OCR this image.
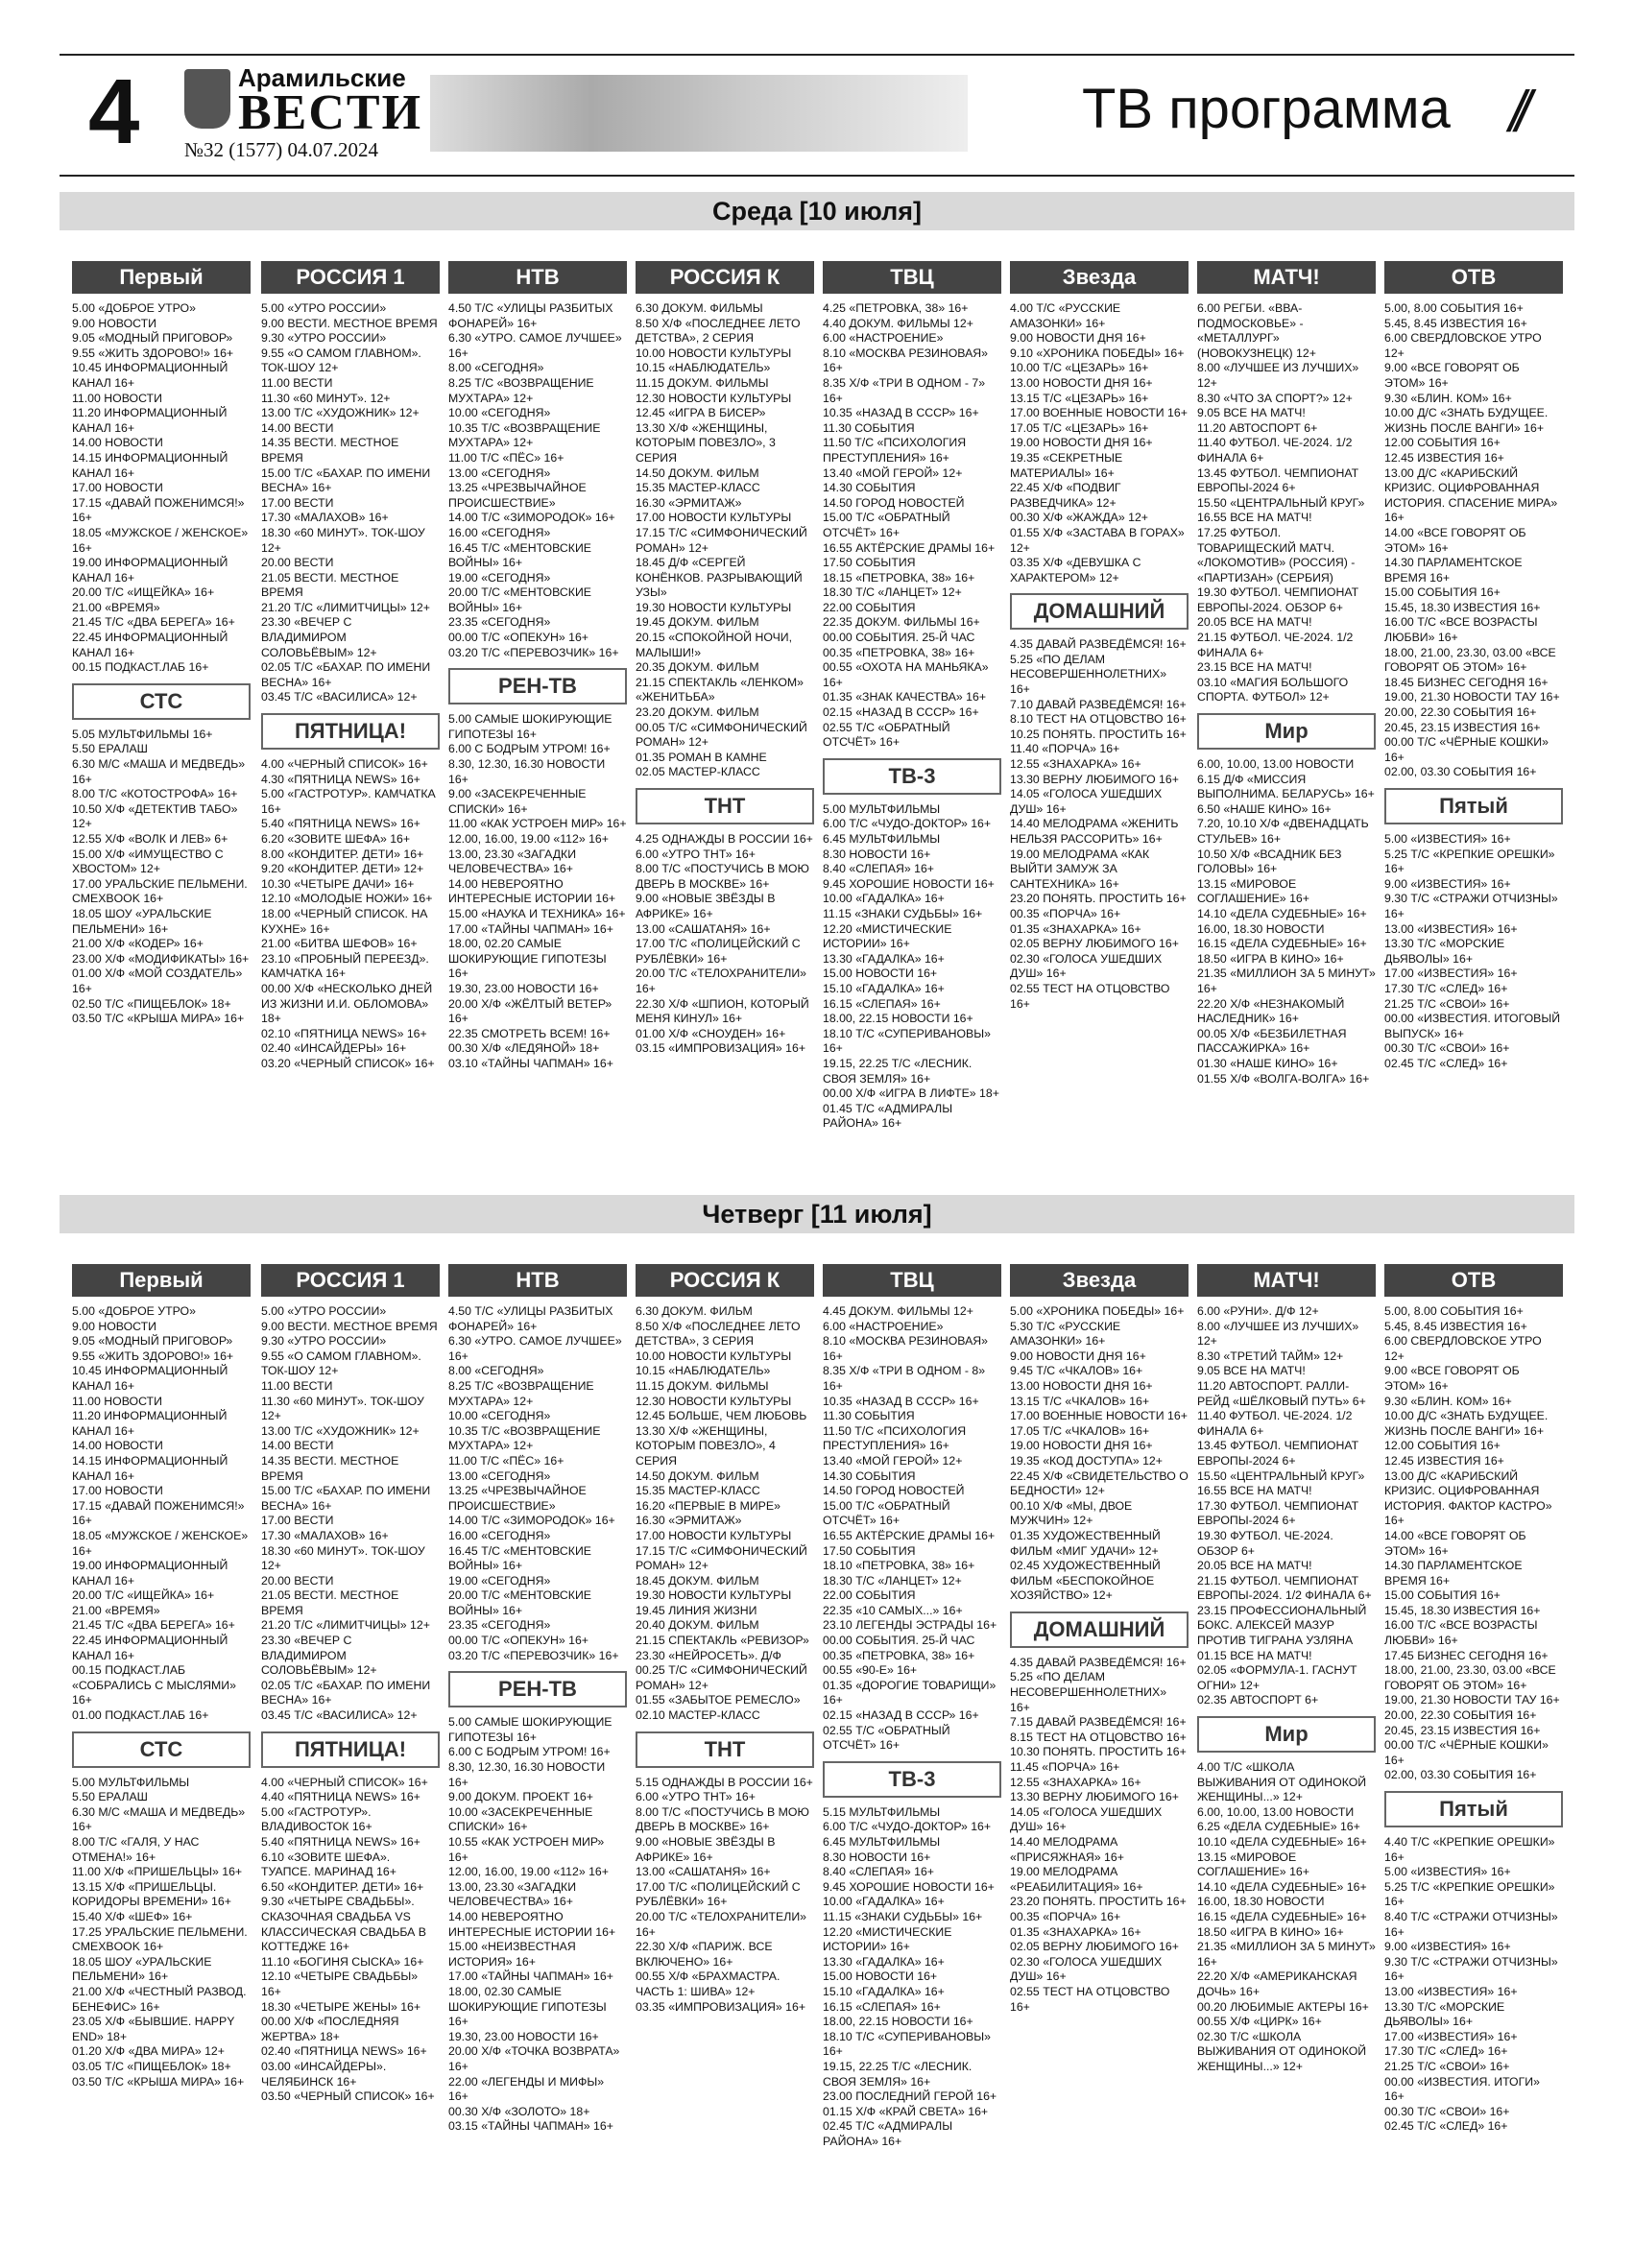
4	Арамильские
ВЕСТИ
№32 (1577) 04.07.2024
ТВ программа //
Среда [10 июля]
Первый
5.00 «ДОБРОЕ УТРО»
9.00 НОВОСТИ
9.05 «МОДНЫЙ ПРИГОВОР»
9.55 «ЖИТЬ ЗДОРОВО!» 16+
10.45 ИНФОРМАЦИОННЫЙ КАНАЛ 16+
11.00 НОВОСТИ
11.20 ИНФОРМАЦИОННЫЙ КАНАЛ 16+
14.00 НОВОСТИ
14.15 ИНФОРМАЦИОННЫЙ КАНАЛ 16+
17.00 НОВОСТИ
17.15 «ДАВАЙ ПОЖЕНИМСЯ!» 16+
18.05 «МУЖСКОЕ / ЖЕНСКОЕ» 16+
19.00 ИНФОРМАЦИОННЫЙ КАНАЛ 16+
20.00 Т/С «ИЩЕЙКА» 16+
21.00 «ВРЕМЯ»
21.45 Т/С «ДВА БЕРЕГА» 16+
22.45 ИНФОРМАЦИОННЫЙ КАНАЛ 16+
00.15 ПОДКАСТ.ЛАБ 16+
СТС
5.05 МУЛЬТФИЛЬМЫ 16+
5.50 ЕРАЛАШ
6.30 М/С «МАША И МЕДВЕДЬ» 16+
8.00 Т/С «КОТОСТРОФА» 16+
10.50 Х/Ф «ДЕТЕКТИВ ТАБО» 12+
12.55 Х/Ф «ВОЛК И ЛЕВ» 6+
15.00 Х/Ф «ИМУЩЕСТВО С ХВОСТОМ» 12+
17.00 УРАЛЬСКИЕ ПЕЛЬМЕНИ. СМЕХBOOK 16+
18.05 ШОУ «УРАЛЬСКИЕ ПЕЛЬМЕНИ» 16+
21.00 Х/Ф «КОДЕР» 16+
23.00 Х/Ф «МОДИФИКАТЫ» 16+
01.00 Х/Ф «МОЙ СОЗДАТЕЛЬ» 16+
02.50 Т/С «ПИЩЕБЛОК» 18+
03.50 Т/С «КРЫША МИРА» 16+
РОССИЯ 1
5.00 «УТРО РОССИИ»
9.00 ВЕСТИ. МЕСТНОЕ ВРЕМЯ
9.30 «УТРО РОССИИ»
9.55 «О САМОМ ГЛАВНОМ». ТОК-ШОУ 12+
11.00 ВЕСТИ
11.30 «60 МИНУТ». 12+
13.00 Т/С «ХУДОЖНИК» 12+
14.00 ВЕСТИ
14.35 ВЕСТИ. МЕСТНОЕ ВРЕМЯ
15.00 Т/С «БАХАР. ПО ИМЕНИ ВЕСНА» 16+
17.00 ВЕСТИ
17.30 «МАЛАХОВ» 16+
18.30 «60 МИНУТ». ТОК-ШОУ 12+
20.00 ВЕСТИ
21.05 ВЕСТИ. МЕСТНОЕ ВРЕМЯ
21.20 Т/С «ЛИМИТЧИЦЫ» 12+
23.30 «ВЕЧЕР С ВЛАДИМИРОМ СОЛОВЬЁВЫМ» 12+
02.05 Т/С «БАХАР. ПО ИМЕНИ ВЕСНА» 16+
03.45 Т/С «ВАСИЛИСА» 12+
ПЯТНИЦА!
4.00 «ЧЕРНЫЙ СПИСОК» 16+
4.30 «ПЯТНИЦА NEWS» 16+
5.00 «ГАСТРОТУР». КАМЧАТКА 16+
5.40 «ПЯТНИЦА NEWS» 16+
6.20 «ЗОВИТЕ ШЕФА» 16+
8.00 «КОНДИТЕР. ДЕТИ» 16+
9.20 «КОНДИТЕР. ДЕТИ» 12+
10.30 «ЧЕТЫРЕ ДАЧИ» 16+
12.10 «МОЛОДЫЕ НОЖИ» 16+
18.00 «ЧЕРНЫЙ СПИСОК. НА КУХНЕ» 16+
21.00 «БИТВА ШЕФОВ» 16+
23.10 «ПРОБНЫЙ ПЕРЕЕЗД». КАМЧАТКА 16+
00.00 Х/Ф «НЕСКОЛЬКО ДНЕЙ ИЗ ЖИЗНИ И.И. ОБЛОМОВА» 18+
02.10 «ПЯТНИЦА NEWS» 16+
02.40 «ИНСАЙДЕРЫ» 16+
03.20 «ЧЕРНЫЙ СПИСОК» 16+
НТВ
4.50 Т/С «УЛИЦЫ РАЗБИТЫХ ФОНАРЕЙ» 16+
6.30 «УТРО. САМОЕ ЛУЧШЕЕ» 16+
8.00 «СЕГОДНЯ»
8.25 Т/С «ВОЗВРАЩЕНИЕ МУХТАРА» 12+
10.00 «СЕГОДНЯ»
10.35 Т/С «ВОЗВРАЩЕНИЕ МУХТАРА» 12+
11.00 Т/С «ПЁС» 16+
13.00 «СЕГОДНЯ»
13.25 «ЧРЕЗВЫЧАЙНОЕ ПРОИСШЕСТВИЕ»
14.00 Т/С «ЗИМОРОДОК» 16+
16.00 «СЕГОДНЯ»
16.45 Т/С «МЕНТОВСКИЕ ВОЙНЫ» 16+
19.00 «СЕГОДНЯ»
20.00 Т/С «МЕНТОВСКИЕ ВОЙНЫ» 16+
23.35 «СЕГОДНЯ»
00.00 Т/С «ОПЕКУН» 16+
03.20 Т/С «ПЕРЕВОЗЧИК» 16+
РЕН-ТВ
5.00 САМЫЕ ШОКИРУЮЩИЕ ГИПОТЕЗЫ 16+
6.00 С БОДРЫМ УТРОМ! 16+
8.30, 12.30, 16.30 НОВОСТИ 16+
9.00 «ЗАСЕКРЕЧЕННЫЕ СПИСКИ» 16+
11.00 «КАК УСТРОЕН МИР» 16+
12.00, 16.00, 19.00 «112» 16+
13.00, 23.30 «ЗАГАДКИ ЧЕЛОВЕЧЕСТВА» 16+
14.00 НЕВЕРОЯТНО ИНТЕРЕСНЫЕ ИСТОРИИ 16+
15.00 «НАУКА И ТЕХНИКА» 16+
17.00 «ТАЙНЫ ЧАПМАН» 16+
18.00, 02.20 САМЫЕ ШОКИРУЮЩИЕ ГИПОТЕЗЫ 16+
19.30, 23.00 НОВОСТИ 16+
20.00 Х/Ф «ЖЁЛТЫЙ ВЕТЕР» 16+
22.35 СМОТРЕТЬ ВСЕМ! 16+
00.30 Х/Ф «ЛЕДЯНОЙ» 18+
03.10 «ТАЙНЫ ЧАПМАН» 16+
РОССИЯ К
6.30 ДОКУМ. ФИЛЬМЫ
8.50 Х/Ф «ПОСЛЕДНЕЕ ЛЕТО ДЕТСТВА», 2 СЕРИЯ
10.00 НОВОСТИ КУЛЬТУРЫ
10.15 «НАБЛЮДАТЕЛЬ»
11.15 ДОКУМ. ФИЛЬМЫ
12.30 НОВОСТИ КУЛЬТУРЫ
12.45 «ИГРА В БИСЕР»
13.30 Х/Ф «ЖЕНЩИНЫ, КОТОРЫМ ПОВЕЗЛО», 3 СЕРИЯ
14.50 ДОКУМ. ФИЛЬМ
15.35 МАСТЕР-КЛАСС
16.30 «ЭРМИТАЖ»
17.00 НОВОСТИ КУЛЬТУРЫ
17.15 Т/С «СИМФОНИЧЕСКИЙ РОМАН» 12+
18.45 Д/Ф «СЕРГЕЙ КОНЁНКОВ. РАЗРЫВАЮЩИЙ УЗЫ»
19.30 НОВОСТИ КУЛЬТУРЫ
19.45 ДОКУМ. ФИЛЬМ
20.15 «СПОКОЙНОЙ НОЧИ, МАЛЫШИ!»
20.35 ДОКУМ. ФИЛЬМ
21.15 СПЕКТАКЛЬ «ЛЕНКОМ» «ЖЕНИТЬБА»
23.20 ДОКУМ. ФИЛЬМ
00.05 Т/С «СИМФОНИЧЕСКИЙ РОМАН» 12+
01.35 РОМАН В КАМНЕ
02.05 МАСТЕР-КЛАСС
ТНТ
4.25 ОДНАЖДЫ В РОССИИ 16+
6.00 «УТРО ТНТ» 16+
8.00 Т/С «ПОСТУЧИСЬ В МОЮ ДВЕРЬ В МОСКВЕ» 16+
9.00 «НОВЫЕ ЗВЁЗДЫ В АФРИКЕ» 16+
13.00 «САШАТАНЯ» 16+
17.00 Т/С «ПОЛИЦЕЙСКИЙ С РУБЛЁВКИ» 16+
20.00 Т/С «ТЕЛОХРАНИТЕЛИ» 16+
22.30 Х/Ф «ШПИОН, КОТОРЫЙ МЕНЯ КИНУЛ» 16+
01.00 Х/Ф «СНОУДЕН» 16+
03.15 «ИМПРОВИЗАЦИЯ» 16+
ТВЦ
4.25 «ПЕТРОВКА, 38» 16+
4.40 ДОКУМ. ФИЛЬМЫ 12+
6.00 «НАСТРОЕНИЕ»
8.10 «МОСКВА РЕЗИНОВАЯ» 16+
8.35 Х/Ф «ТРИ В ОДНОМ - 7» 16+
10.35 «НАЗАД В СССР» 16+
11.30 СОБЫТИЯ
11.50 Т/С «ПСИХОЛОГИЯ ПРЕСТУПЛЕНИЯ» 16+
13.40 «МОЙ ГЕРОЙ» 12+
14.30 СОБЫТИЯ
14.50 ГОРОД НОВОСТЕЙ
15.00 Т/С «ОБРАТНЫЙ ОТСЧЁТ» 16+
16.55 АКТЁРСКИЕ ДРАМЫ 16+
17.50 СОБЫТИЯ
18.15 «ПЕТРОВКА, 38» 16+
18.30 Т/С «ЛАНЦЕТ» 12+
22.00 СОБЫТИЯ
22.35 ДОКУМ. ФИЛЬМЫ 16+
00.00 СОБЫТИЯ. 25-Й ЧАС
00.35 «ПЕТРОВКА, 38» 16+
00.55 «ОХОТА НА МАНЬЯКА» 16+
01.35 «ЗНАК КАЧЕСТВА» 16+
02.15 «НАЗАД В СССР» 16+
02.55 Т/С «ОБРАТНЫЙ ОТСЧЁТ» 16+
ТВ-3
5.00 МУЛЬТФИЛЬМЫ
6.00 Т/С «ЧУДО-ДОКТОР» 16+
6.45 МУЛЬТФИЛЬМЫ
8.30 НОВОСТИ 16+
8.40 «СЛЕПАЯ» 16+
9.45 ХОРОШИЕ НОВОСТИ 16+
10.00 «ГАДАЛКА» 16+
11.15 «ЗНАКИ СУДЬБЫ» 16+
12.20 «МИСТИЧЕСКИЕ ИСТОРИИ» 16+
13.30 «ГАДАЛКА» 16+
15.00 НОВОСТИ 16+
15.10 «ГАДАЛКА» 16+
16.15 «СЛЕПАЯ» 16+
18.00, 22.15 НОВОСТИ 16+
18.10 Т/С «СУПЕРИВАНОВЫ» 16+
19.15, 22.25 Т/С «ЛЕСНИК. СВОЯ ЗЕМЛЯ» 16+
00.00 Х/Ф «ИГРА В ЛИФТЕ» 18+
01.45 Т/С «АДМИРАЛЫ РАЙОНА» 16+
Звезда
4.00 Т/С «РУССКИЕ АМАЗОНКИ» 16+
9.00 НОВОСТИ ДНЯ 16+
9.10 «ХРОНИКА ПОБЕДЫ» 16+
10.00 Т/С «ЦЕЗАРЬ» 16+
13.00 НОВОСТИ ДНЯ 16+
13.15 Т/С «ЦЕЗАРЬ» 16+
17.00 ВОЕННЫЕ НОВОСТИ 16+
17.05 Т/С «ЦЕЗАРЬ» 16+
19.00 НОВОСТИ ДНЯ 16+
19.35 «СЕКРЕТНЫЕ МАТЕРИАЛЫ» 16+
22.45 Х/Ф «ПОДВИГ РАЗВЕДЧИКА» 12+
00.30 Х/Ф «ЖАЖДА» 12+
01.55 Х/Ф «ЗАСТАВА В ГОРАХ» 12+
03.35 Х/Ф «ДЕВУШКА С ХАРАКТЕРОМ» 12+
ДОМАШНИЙ
4.35 ДАВАЙ РАЗВЕДЁМСЯ! 16+
5.25 «ПО ДЕЛАМ НЕСОВЕРШЕННОЛЕТНИХ» 16+
7.10 ДАВАЙ РАЗВЕДЁМСЯ! 16+
8.10 ТЕСТ НА ОТЦОВСТВО 16+
10.25 ПОНЯТЬ. ПРОСТИТЬ 16+
11.40 «ПОРЧА» 16+
12.55 «ЗНАХАРКА» 16+
13.30 ВЕРНУ ЛЮБИМОГО 16+
14.05 «ГОЛОСА УШЕДШИХ ДУШ» 16+
14.40 МЕЛОДРАМА «ЖЕНИТЬ НЕЛЬЗЯ РАССОРИТЬ» 16+
19.00 МЕЛОДРАМА «КАК ВЫЙТИ ЗАМУЖ ЗА САНТЕХНИКА» 16+
23.20 ПОНЯТЬ. ПРОСТИТЬ 16+
00.35 «ПОРЧА» 16+
01.35 «ЗНАХАРКА» 16+
02.05 ВЕРНУ ЛЮБИМОГО 16+
02.30 «ГОЛОСА УШЕДШИХ ДУШ» 16+
02.55 ТЕСТ НА ОТЦОВСТВО 16+
МАТЧ!
6.00 РЕГБИ. «ВВА-ПОДМОСКОВЬЕ» - «МЕТАЛЛУРГ» (НОВОКУЗНЕЦК) 12+
8.00 «ЛУЧШЕЕ ИЗ ЛУЧШИХ» 12+
8.30 «ЧТО ЗА СПОРТ?» 12+
9.05 ВСЕ НА МАТЧ!
11.20 АВТОСПОРТ 6+
11.40 ФУТБОЛ. ЧЕ-2024. 1/2 ФИНАЛА 6+
13.45 ФУТБОЛ. ЧЕМПИОНАТ ЕВРОПЫ-2024 6+
15.50 «ЦЕНТРАЛЬНЫЙ КРУГ»
16.55 ВСЕ НА МАТЧ!
17.25 ФУТБОЛ. ТОВАРИЩЕСКИЙ МАТЧ. «ЛОКОМОТИВ» (РОССИЯ) - «ПАРТИЗАН» (СЕРБИЯ)
19.30 ФУТБОЛ. ЧЕМПИОНАТ ЕВРОПЫ-2024. ОБЗОР 6+
20.05 ВСЕ НА МАТЧ!
21.15 ФУТБОЛ. ЧЕ-2024. 1/2 ФИНАЛА 6+
23.15 ВСЕ НА МАТЧ!
03.10 «МАГИЯ БОЛЬШОГО СПОРТА. ФУТБОЛ» 12+
Мир
6.00, 10.00, 13.00 НОВОСТИ
6.15 Д/Ф «МИССИЯ ВЫПОЛНИМА. БЕЛАРУСЬ» 16+
6.50 «НАШЕ КИНО» 16+
7.20, 10.10 Х/Ф «ДВЕНАДЦАТЬ СТУЛЬЕВ» 16+
10.50 Х/Ф «ВСАДНИК БЕЗ ГОЛОВЫ» 16+
13.15 «МИРОВОЕ СОГЛАШЕНИЕ» 16+
14.10 «ДЕЛА СУДЕБНЫЕ» 16+
16.00, 18.30 НОВОСТИ
16.15 «ДЕЛА СУДЕБНЫЕ» 16+
18.50 «ИГРА В КИНО» 16+
21.35 «МИЛЛИОН ЗА 5 МИНУТ» 16+
22.20 Х/Ф «НЕЗНАКОМЫЙ НАСЛЕДНИК» 16+
00.05 Х/Ф «БЕЗБИЛЕТНАЯ ПАССАЖИРКА» 16+
01.30 «НАШЕ КИНО» 16+
01.55 Х/Ф «ВОЛГА-ВОЛГА» 16+
ОТВ
5.00, 8.00 СОБЫТИЯ 16+
5.45, 8.45 ИЗВЕСТИЯ 16+
6.00 СВЕРДЛОВСКОЕ УТРО 12+
9.00 «ВСЕ ГОВОРЯТ ОБ ЭТОМ» 16+
9.30 «БЛИН. КОМ» 16+
10.00 Д/С «ЗНАТЬ БУДУЩЕЕ. ЖИЗНЬ ПОСЛЕ ВАНГИ» 16+
12.00 СОБЫТИЯ 16+
12.45 ИЗВЕСТИЯ 16+
13.00 Д/С «КАРИБСКИЙ КРИЗИС. ОЦИФРОВАННАЯ ИСТОРИЯ. СПАСЕНИЕ МИРА» 16+
14.00 «ВСЕ ГОВОРЯТ ОБ ЭТОМ» 16+
14.30 ПАРЛАМЕНТСКОЕ ВРЕМЯ 16+
15.00 СОБЫТИЯ 16+
15.45, 18.30 ИЗВЕСТИЯ 16+
16.00 Т/С «ВСЕ ВОЗРАСТЫ ЛЮБВИ» 16+
18.00, 21.00, 23.30, 03.00 «ВСЕ ГОВОРЯТ ОБ ЭТОМ» 16+
18.45 БИЗНЕС СЕГОДНЯ 16+
19.00, 21.30 НОВОСТИ ТАУ 16+
20.00, 22.30 СОБЫТИЯ 16+
20.45, 23.15 ИЗВЕСТИЯ 16+
00.00 Т/С «ЧЁРНЫЕ КОШКИ» 16+
02.00, 03.30 СОБЫТИЯ 16+
Пятый
5.00 «ИЗВЕСТИЯ» 16+
5.25 Т/С «КРЕПКИЕ ОРЕШКИ» 16+
9.00 «ИЗВЕСТИЯ» 16+
9.30 Т/С «СТРАЖИ ОТЧИЗНЫ» 16+
13.00 «ИЗВЕСТИЯ» 16+
13.30 Т/С «МОРСКИЕ ДЬЯВОЛЫ» 16+
17.00 «ИЗВЕСТИЯ» 16+
17.30 Т/С «СЛЕД» 16+
21.25 Т/С «СВОИ» 16+
00.00 «ИЗВЕСТИЯ. ИТОГОВЫЙ ВЫПУСК» 16+
00.30 Т/С «СВОИ» 16+
02.45 Т/С «СЛЕД» 16+
Четверг [11 июля]
Первый
5.00 «ДОБРОЕ УТРО»
9.00 НОВОСТИ
9.05 «МОДНЫЙ ПРИГОВОР»
9.55 «ЖИТЬ ЗДОРОВО!» 16+
10.45 ИНФОРМАЦИОННЫЙ КАНАЛ 16+
11.00 НОВОСТИ
11.20 ИНФОРМАЦИОННЫЙ КАНАЛ 16+
14.00 НОВОСТИ
14.15 ИНФОРМАЦИОННЫЙ КАНАЛ 16+
17.00 НОВОСТИ
17.15 «ДАВАЙ ПОЖЕНИМСЯ!» 16+
18.05 «МУЖСКОЕ / ЖЕНСКОЕ» 16+
19.00 ИНФОРМАЦИОННЫЙ КАНАЛ 16+
20.00 Т/С «ИЩЕЙКА» 16+
21.00 «ВРЕМЯ»
21.45 Т/С «ДВА БЕРЕГА» 16+
22.45 ИНФОРМАЦИОННЫЙ КАНАЛ 16+
00.15 ПОДКАСТ.ЛАБ «СОБРАЛИСЬ С МЫСЛЯМИ» 16+
01.00 ПОДКАСТ.ЛАБ 16+
СТС
5.00 МУЛЬТФИЛЬМЫ
5.50 ЕРАЛАШ
6.30 М/С «МАША И МЕДВЕДЬ» 16+
8.00 Т/С «ГАЛЯ, У НАС ОТМЕНА!» 16+
11.00 Х/Ф «ПРИШЕЛЬЦЫ» 16+
13.15 Х/Ф «ПРИШЕЛЬЦЫ. КОРИДОРЫ ВРЕМЕНИ» 16+
15.40 Х/Ф «ШЕФ» 16+
17.25 УРАЛЬСКИЕ ПЕЛЬМЕНИ. СМЕХBOOK 16+
18.05 ШОУ «УРАЛЬСКИЕ ПЕЛЬМЕНИ» 16+
21.00 Х/Ф «ЧЕСТНЫЙ РАЗВОД. БЕНЕФИС» 16+
23.05 Х/Ф «БЫВШИЕ. HAPPY END» 18+
01.20 Х/Ф «ДВА МИРА» 12+
03.05 Т/С «ПИЩЕБЛОК» 18+
03.50 Т/С «КРЫША МИРА» 16+
РОССИЯ 1
5.00 «УТРО РОССИИ»
9.00 ВЕСТИ. МЕСТНОЕ ВРЕМЯ
9.30 «УТРО РОССИИ»
9.55 «О САМОМ ГЛАВНОМ». ТОК-ШОУ 12+
11.00 ВЕСТИ
11.30 «60 МИНУТ». ТОК-ШОУ 12+
13.00 Т/С «ХУДОЖНИК» 12+
14.00 ВЕСТИ
14.35 ВЕСТИ. МЕСТНОЕ ВРЕМЯ
15.00 Т/С «БАХАР. ПО ИМЕНИ ВЕСНА» 16+
17.00 ВЕСТИ
17.30 «МАЛАХОВ» 16+
18.30 «60 МИНУТ». ТОК-ШОУ 12+
20.00 ВЕСТИ
21.05 ВЕСТИ. МЕСТНОЕ ВРЕМЯ
21.20 Т/С «ЛИМИТЧИЦЫ» 12+
23.30 «ВЕЧЕР С ВЛАДИМИРОМ СОЛОВЬЁВЫМ» 12+
02.05 Т/С «БАХАР. ПО ИМЕНИ ВЕСНА» 16+
03.45 Т/С «ВАСИЛИСА» 12+
ПЯТНИЦА!
4.00 «ЧЕРНЫЙ СПИСОК» 16+
4.40 «ПЯТНИЦА NEWS» 16+
5.00 «ГАСТРОТУР». ВЛАДИВОСТОК 16+
5.40 «ПЯТНИЦА NEWS» 16+
6.10 «ЗОВИТЕ ШЕФА». ТУАПСЕ. МАРИНАД 16+
6.50 «КОНДИТЕР. ДЕТИ» 16+
9.30 «ЧЕТЫРЕ СВАДЬБЫ». СКАЗОЧНАЯ СВАДЬБА VS КЛАССИЧЕСКАЯ СВАДЬБА В КОТТЕДЖЕ 16+
11.10 «БОГИНЯ СЫСКА» 16+
12.10 «ЧЕТЫРЕ СВАДЬБЫ» 16+
18.30 «ЧЕТЫРЕ ЖЕНЫ» 16+
00.00 Х/Ф «ПОСЛЕДНЯЯ ЖЕРТВА» 18+
02.40 «ПЯТНИЦА NEWS» 16+
03.00 «ИНСАЙДЕРЫ». ЧЕЛЯБИНСК 16+
03.50 «ЧЕРНЫЙ СПИСОК» 16+
НТВ
4.50 Т/С «УЛИЦЫ РАЗБИТЫХ ФОНАРЕЙ» 16+
6.30 «УТРО. САМОЕ ЛУЧШЕЕ» 16+
8.00 «СЕГОДНЯ»
8.25 Т/С «ВОЗВРАЩЕНИЕ МУХТАРА» 12+
10.00 «СЕГОДНЯ»
10.35 Т/С «ВОЗВРАЩЕНИЕ МУХТАРА» 12+
11.00 Т/С «ПЁС» 16+
13.00 «СЕГОДНЯ»
13.25 «ЧРЕЗВЫЧАЙНОЕ ПРОИСШЕСТВИЕ»
14.00 Т/С «ЗИМОРОДОК» 16+
16.00 «СЕГОДНЯ»
16.45 Т/С «МЕНТОВСКИЕ ВОЙНЫ» 16+
19.00 «СЕГОДНЯ»
20.00 Т/С «МЕНТОВСКИЕ ВОЙНЫ» 16+
23.35 «СЕГОДНЯ»
00.00 Т/С «ОПЕКУН» 16+
03.20 Т/С «ПЕРЕВОЗЧИК» 16+
РЕН-ТВ
5.00 САМЫЕ ШОКИРУЮЩИЕ ГИПОТЕЗЫ 16+
6.00 С БОДРЫМ УТРОМ! 16+
8.30, 12.30, 16.30 НОВОСТИ 16+
9.00 ДОКУМ. ПРОЕКТ 16+
10.00 «ЗАСЕКРЕЧЕННЫЕ СПИСКИ» 16+
10.55 «КАК УСТРОЕН МИР» 16+
12.00, 16.00, 19.00 «112» 16+
13.00, 23.30 «ЗАГАДКИ ЧЕЛОВЕЧЕСТВА» 16+
14.00 НЕВЕРОЯТНО ИНТЕРЕСНЫЕ ИСТОРИИ 16+
15.00 «НЕИЗВЕСТНАЯ ИСТОРИЯ» 16+
17.00 «ТАЙНЫ ЧАПМАН» 16+
18.00, 02.30 САМЫЕ ШОКИРУЮЩИЕ ГИПОТЕЗЫ 16+
19.30, 23.00 НОВОСТИ 16+
20.00 Х/Ф «ТОЧКА ВОЗВРАТА» 16+
22.00 «ЛЕГЕНДЫ И МИФЫ» 16+
00.30 Х/Ф «ЗОЛОТО» 18+
03.15 «ТАЙНЫ ЧАПМАН» 16+
РОССИЯ К
6.30 ДОКУМ. ФИЛЬМ
8.50 Х/Ф «ПОСЛЕДНЕЕ ЛЕТО ДЕТСТВА», 3 СЕРИЯ
10.00 НОВОСТИ КУЛЬТУРЫ
10.15 «НАБЛЮДАТЕЛЬ»
11.15 ДОКУМ. ФИЛЬМЫ
12.30 НОВОСТИ КУЛЬТУРЫ
12.45 БОЛЬШЕ, ЧЕМ ЛЮБОВЬ
13.30 Х/Ф «ЖЕНЩИНЫ, КОТОРЫМ ПОВЕЗЛО», 4 СЕРИЯ
14.50 ДОКУМ. ФИЛЬМ
15.35 МАСТЕР-КЛАСС
16.20 «ПЕРВЫЕ В МИРЕ»
16.30 «ЭРМИТАЖ»
17.00 НОВОСТИ КУЛЬТУРЫ
17.15 Т/С «СИМФОНИЧЕСКИЙ РОМАН» 12+
18.45 ДОКУМ. ФИЛЬМ
19.30 НОВОСТИ КУЛЬТУРЫ
19.45 ЛИНИЯ ЖИЗНИ
20.40 ДОКУМ. ФИЛЬМ
21.15 СПЕКТАКЛЬ «РЕВИЗОР»
23.30 «НЕЙРОСЕТЬ». Д/Ф
00.25 Т/С «СИМФОНИЧЕСКИЙ РОМАН» 12+
01.55 «ЗАБЫТОЕ РЕМЕСЛО»
02.10 МАСТЕР-КЛАСС
ТНТ
5.15 ОДНАЖДЫ В РОССИИ 16+
6.00 «УТРО ТНТ» 16+
8.00 Т/С «ПОСТУЧИСЬ В МОЮ ДВЕРЬ В МОСКВЕ» 16+
9.00 «НОВЫЕ ЗВЁЗДЫ В АФРИКЕ» 16+
13.00 «САШАТАНЯ» 16+
17.00 Т/С «ПОЛИЦЕЙСКИЙ С РУБЛЁВКИ» 16+
20.00 Т/С «ТЕЛОХРАНИТЕЛИ» 16+
22.30 Х/Ф «ПАРИЖ. ВСЕ ВКЛЮЧЕНО» 16+
00.55 Х/Ф «БРАХМАСТРА. ЧАСТЬ 1: ШИВА» 12+
03.35 «ИМПРОВИЗАЦИЯ» 16+
ТВЦ
4.45 ДОКУМ. ФИЛЬМЫ 12+
6.00 «НАСТРОЕНИЕ»
8.10 «МОСКВА РЕЗИНОВАЯ» 16+
8.35 Х/Ф «ТРИ В ОДНОМ - 8» 16+
10.35 «НАЗАД В СССР» 16+
11.30 СОБЫТИЯ
11.50 Т/С «ПСИХОЛОГИЯ ПРЕСТУПЛЕНИЯ» 16+
13.40 «МОЙ ГЕРОЙ» 12+
14.30 СОБЫТИЯ
14.50 ГОРОД НОВОСТЕЙ
15.00 Т/С «ОБРАТНЫЙ ОТСЧЁТ» 16+
16.55 АКТЁРСКИЕ ДРАМЫ 16+
17.50 СОБЫТИЯ
18.10 «ПЕТРОВКА, 38» 16+
18.30 Т/С «ЛАНЦЕТ» 12+
22.00 СОБЫТИЯ
22.35 «10 САМЫХ...» 16+
23.10 ЛЕГЕНДЫ ЭСТРАДЫ 16+
00.00 СОБЫТИЯ. 25-Й ЧАС
00.35 «ПЕТРОВКА, 38» 16+
00.55 «90-Е» 16+
01.35 «ДОРОГИЕ ТОВАРИЩИ» 16+
02.15 «НАЗАД В СССР» 16+
02.55 Т/С «ОБРАТНЫЙ ОТСЧЁТ» 16+
ТВ-3
5.15 МУЛЬТФИЛЬМЫ
6.00 Т/С «ЧУДО-ДОКТОР» 16+
6.45 МУЛЬТФИЛЬМЫ
8.30 НОВОСТИ 16+
8.40 «СЛЕПАЯ» 16+
9.45 ХОРОШИЕ НОВОСТИ 16+
10.00 «ГАДАЛКА» 16+
11.15 «ЗНАКИ СУДЬБЫ» 16+
12.20 «МИСТИЧЕСКИЕ ИСТОРИИ» 16+
13.30 «ГАДАЛКА» 16+
15.00 НОВОСТИ 16+
15.10 «ГАДАЛКА» 16+
16.15 «СЛЕПАЯ» 16+
18.00, 22.15 НОВОСТИ 16+
18.10 Т/С «СУПЕРИВАНОВЫ» 16+
19.15, 22.25 Т/С «ЛЕСНИК. СВОЯ ЗЕМЛЯ» 16+
23.00 ПОСЛЕДНИЙ ГЕРОЙ 16+
01.15 Х/Ф «КРАЙ СВЕТА» 16+
02.45 Т/С «АДМИРАЛЫ РАЙОНА» 16+
Звезда
5.00 «ХРОНИКА ПОБЕДЫ» 16+
5.30 Т/С «РУССКИЕ АМАЗОНКИ» 16+
9.00 НОВОСТИ ДНЯ 16+
9.45 Т/С «ЧКАЛОВ» 16+
13.00 НОВОСТИ ДНЯ 16+
13.15 Т/С «ЧКАЛОВ» 16+
17.00 ВОЕННЫЕ НОВОСТИ 16+
17.05 Т/С «ЧКАЛОВ» 16+
19.00 НОВОСТИ ДНЯ 16+
19.35 «КОД ДОСТУПА» 12+
22.45 Х/Ф «СВИДЕТЕЛЬСТВО О БЕДНОСТИ» 12+
00.10 Х/Ф «МЫ, ДВОЕ МУЖЧИН» 12+
01.35 ХУДОЖЕСТВЕННЫЙ ФИЛЬМ «МИГ УДАЧИ» 12+
02.45 ХУДОЖЕСТВЕННЫЙ ФИЛЬМ «БЕСПОКОЙНОЕ ХОЗЯЙСТВО» 12+
ДОМАШНИЙ
4.35 ДАВАЙ РАЗВЕДЁМСЯ! 16+
5.25 «ПО ДЕЛАМ НЕСОВЕРШЕННОЛЕТНИХ» 16+
7.15 ДАВАЙ РАЗВЕДЁМСЯ! 16+
8.15 ТЕСТ НА ОТЦОВСТВО 16+
10.30 ПОНЯТЬ. ПРОСТИТЬ 16+
11.45 «ПОРЧА» 16+
12.55 «ЗНАХАРКА» 16+
13.30 ВЕРНУ ЛЮБИМОГО 16+
14.05 «ГОЛОСА УШЕДШИХ ДУШ» 16+
14.40 МЕЛОДРАМА «ПРИСЯЖНАЯ» 16+
19.00 МЕЛОДРАМА «РЕАБИЛИТАЦИЯ» 16+
23.20 ПОНЯТЬ. ПРОСТИТЬ 16+
00.35 «ПОРЧА» 16+
01.35 «ЗНАХАРКА» 16+
02.05 ВЕРНУ ЛЮБИМОГО 16+
02.30 «ГОЛОСА УШЕДШИХ ДУШ» 16+
02.55 ТЕСТ НА ОТЦОВСТВО 16+
МАТЧ!
6.00 «РУНИ». Д/Ф 12+
8.00 «ЛУЧШЕЕ ИЗ ЛУЧШИХ» 12+
8.30 «ТРЕТИЙ ТАЙМ» 12+
9.05 ВСЕ НА МАТЧ!
11.20 АВТОСПОРТ. РАЛЛИ-РЕЙД «ШЁЛКОВЫЙ ПУТЬ» 6+
11.40 ФУТБОЛ. ЧЕ-2024. 1/2 ФИНАЛА 6+
13.45 ФУТБОЛ. ЧЕМПИОНАТ ЕВРОПЫ-2024 6+
15.50 «ЦЕНТРАЛЬНЫЙ КРУГ»
16.55 ВСЕ НА МАТЧ!
17.30 ФУТБОЛ. ЧЕМПИОНАТ ЕВРОПЫ-2024 6+
19.30 ФУТБОЛ. ЧЕ-2024. ОБЗОР 6+
20.05 ВСЕ НА МАТЧ!
21.15 ФУТБОЛ. ЧЕМПИОНАТ ЕВРОПЫ-2024. 1/2 ФИНАЛА 6+
23.15 ПРОФЕССИОНАЛЬНЫЙ БОКС. АЛЕКСЕЙ МАЗУР ПРОТИВ ТИГРАНА УЗЛЯНА
01.15 ВСЕ НА МАТЧ!
02.05 «ФОРМУЛА-1. ГАСНУТ ОГНИ» 12+
02.35 АВТОСПОРТ 6+
Мир
4.00 Т/С «ШКОЛА ВЫЖИВАНИЯ ОТ ОДИНОКОЙ ЖЕНЩИНЫ...» 12+
6.00, 10.00, 13.00 НОВОСТИ
6.25 «ДЕЛА СУДЕБНЫЕ» 16+
10.10 «ДЕЛА СУДЕБНЫЕ» 16+
13.15 «МИРОВОЕ СОГЛАШЕНИЕ» 16+
14.10 «ДЕЛА СУДЕБНЫЕ» 16+
16.00, 18.30 НОВОСТИ
16.15 «ДЕЛА СУДЕБНЫЕ» 16+
18.50 «ИГРА В КИНО» 16+
21.35 «МИЛЛИОН ЗА 5 МИНУТ» 16+
22.20 Х/Ф «АМЕРИКАНСКАЯ ДОЧЬ» 16+
00.20 ЛЮБИМЫЕ АКТЕРЫ 16+
00.55 Х/Ф «ЦИРК» 16+
02.30 Т/С «ШКОЛА ВЫЖИВАНИЯ ОТ ОДИНОКОЙ ЖЕНЩИНЫ...» 12+
ОТВ
5.00, 8.00 СОБЫТИЯ 16+
5.45, 8.45 ИЗВЕСТИЯ 16+
6.00 СВЕРДЛОВСКОЕ УТРО 12+
9.00 «ВСЕ ГОВОРЯТ ОБ ЭТОМ» 16+
9.30 «БЛИН. КОМ» 16+
10.00 Д/С «ЗНАТЬ БУДУЩЕЕ. ЖИЗНЬ ПОСЛЕ ВАНГИ» 16+
12.00 СОБЫТИЯ 16+
12.45 ИЗВЕСТИЯ 16+
13.00 Д/С «КАРИБСКИЙ КРИЗИС. ОЦИФРОВАННАЯ ИСТОРИЯ. ФАКТОР КАСТРО» 16+
14.00 «ВСЕ ГОВОРЯТ ОБ ЭТОМ» 16+
14.30 ПАРЛАМЕНТСКОЕ ВРЕМЯ 16+
15.00 СОБЫТИЯ 16+
15.45, 18.30 ИЗВЕСТИЯ 16+
16.00 Т/С «ВСЕ ВОЗРАСТЫ ЛЮБВИ» 16+
17.45 БИЗНЕС СЕГОДНЯ 16+
18.00, 21.00, 23.30, 03.00 «ВСЕ ГОВОРЯТ ОБ ЭТОМ» 16+
19.00, 21.30 НОВОСТИ ТАУ 16+
20.00, 22.30 СОБЫТИЯ 16+
20.45, 23.15 ИЗВЕСТИЯ 16+
00.00 Т/С «ЧЁРНЫЕ КОШКИ» 16+
02.00, 03.30 СОБЫТИЯ 16+
Пятый
4.40 Т/С «КРЕПКИЕ ОРЕШКИ» 16+
5.00 «ИЗВЕСТИЯ» 16+
5.25 Т/С «КРЕПКИЕ ОРЕШКИ» 16+
8.40 Т/С «СТРАЖИ ОТЧИЗНЫ» 16+
9.00 «ИЗВЕСТИЯ» 16+
9.30 Т/С «СТРАЖИ ОТЧИЗНЫ» 16+
13.00 «ИЗВЕСТИЯ» 16+
13.30 Т/С «МОРСКИЕ ДЬЯВОЛЫ» 16+
17.00 «ИЗВЕСТИЯ» 16+
17.30 Т/С «СЛЕД» 16+
21.25 Т/С «СВОИ» 16+
00.00 «ИЗВЕСТИЯ. ИТОГИ» 16+
00.30 Т/С «СВОИ» 16+
02.45 Т/С «СЛЕД» 16+
